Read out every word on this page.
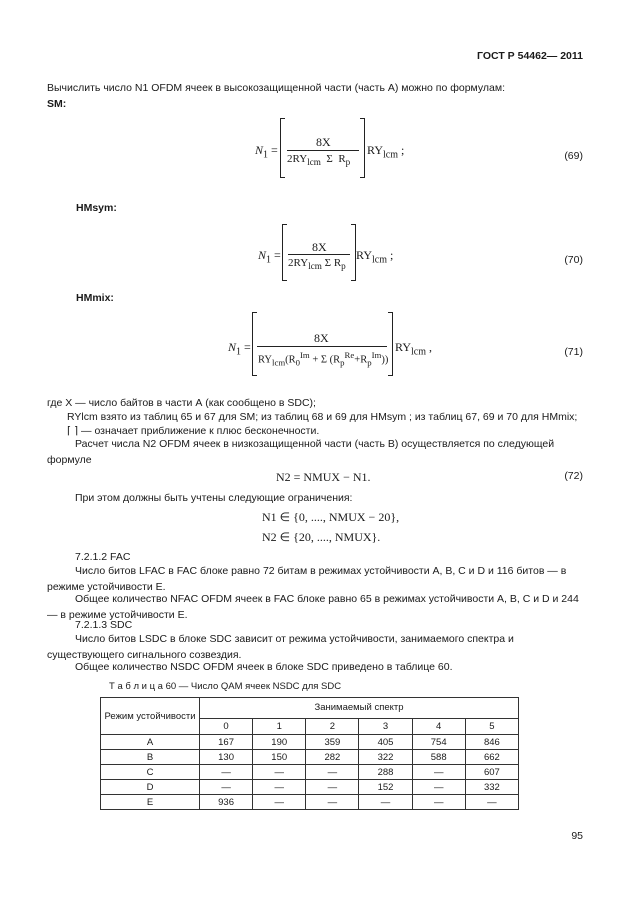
ГОСТ Р 54462— 2011
Вычислить число N1 OFDM ячеек в высокозащищенной части (часть А) можно по формулам:
SM:
$N_1$ =
8X
$2RY_{lcm}$  Σ  $R_p$
$RY_{lcm}$ ;	(69)
HMsym:
$N_1$ =
8X
$2RY_{lcm}$ Σ $R_p$
$RY_{lcm}$ ;	(70)
HMmix:
$N_1$ =
8X
$RY_{lcm}(R_0^{Im} + \Sigma$ $(R_p^{Re}+R_p^{Im})$)
$RY_{lcm}$ ,	(71)
где X — число байтов в части А (как сообщено в SDC);
RYlcm взято из таблиц 65 и 67 для SM; из таблиц 68 и 69 для HMsym ; из таблиц 67, 69 и 70 для HMmix;
⌈ ⌉ — означает приближение к плюс бесконечности.
Расчет числа N2 OFDM ячеек в низкозащищенной части (часть В) осуществляется по следующей формуле
N2 = NMUX − N1.	(72)
При этом должны быть учтены следующие ограничения:
N1 ∈ {0, ...., NMUX − 20},
N2 ∈ {20, ...., NMUX}.
7.2.1.2 FAC
Число битов LFAC в FAC блоке равно 72 битам в режимах устойчивости А, В, С и D и 116 битов — в режиме устойчивости Е.
Общее количество NFAC OFDM ячеек в FAC блоке равно 65 в режимах устойчивости А, В, С и D и 244 — в режиме устойчивости Е.
7.2.1.3 SDC
Число битов LSDC в блоке SDC зависит от режима устойчивости, занимаемого спектра и существующего сигнального созвездия.
Общее количество NSDC OFDM ячеек в блоке SDC приведено в таблице 60.
Т а б л и ц а 60 — Число QAM ячеек NSDC для SDC
Режим устойчивости	Занимаемый спектр					
	0	1	2	3	4	5
A	167	190	359	405	754	846
B	130	150	282	322	588	662
C	—	—	—	288	—	607
D	—	—	—	152	—	332
E	936	—	—	—	—	—
95
